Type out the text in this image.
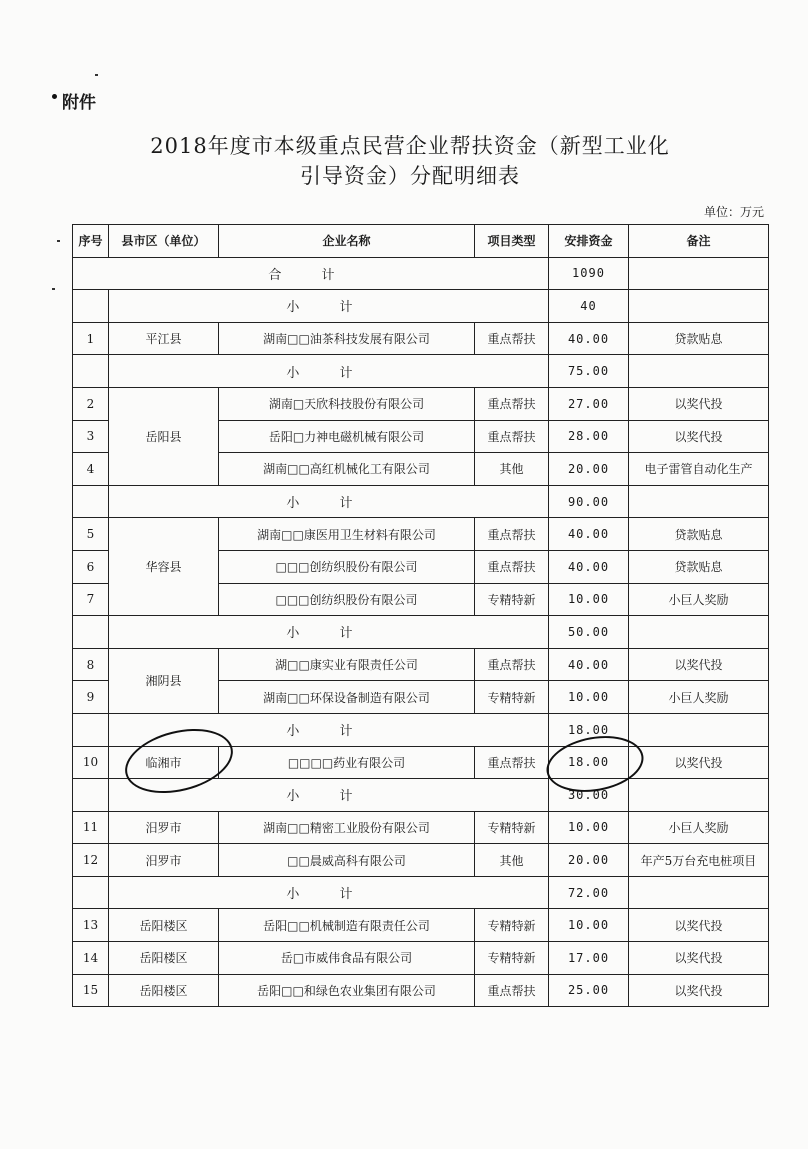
附件
2018年度市本级重点民营企业帮扶资金（新型工业化
引导资金）分配明细表
单位：万元
序号	县市区（单位）	企业名称	项目类型	安排资金	备注
合 计				1090	
	小 计			40	
1	平江县	湖南□□油茶科技发展有限公司	重点帮扶	40.00	贷款贴息
	小 计			75.00	
2	岳阳县	湖南□天欣科技股份有限公司	重点帮扶	27.00	以奖代投
3		岳阳□力神电磁机械有限公司	重点帮扶	28.00	以奖代投
4		湖南□□高红机械化工有限公司	其他	20.00	电子雷管自动化生产
	小 计			90.00	
5	华容县	湖南□□康医用卫生材料有限公司	重点帮扶	40.00	贷款贴息
6		□□□创纺织股份有限公司	重点帮扶	40.00	贷款贴息
7		□□□创纺织股份有限公司	专精特新	10.00	小巨人奖励
	小 计			50.00	
8	湘阴县	湖□□康实业有限责任公司	重点帮扶	40.00	以奖代投
9		湖南□□环保设备制造有限公司	专精特新	10.00	小巨人奖励
	小 计			18.00	
10	临湘市	□□□□药业有限公司	重点帮扶	18.00	以奖代投
	小 计			30.00	
11	汨罗市	湖南□□精密工业股份有限公司	专精特新	10.00	小巨人奖励
12	汨罗市	□□晨威高科有限公司	其他	20.00	年产5万台充电桩项目
	小 计			72.00	
13	岳阳楼区	岳阳□□机械制造有限责任公司	专精特新	10.00	以奖代投
14	岳阳楼区	岳□市威伟食品有限公司	专精特新	17.00	以奖代投
15	岳阳楼区	岳阳□□和绿色农业集团有限公司	重点帮扶	25.00	以奖代投
